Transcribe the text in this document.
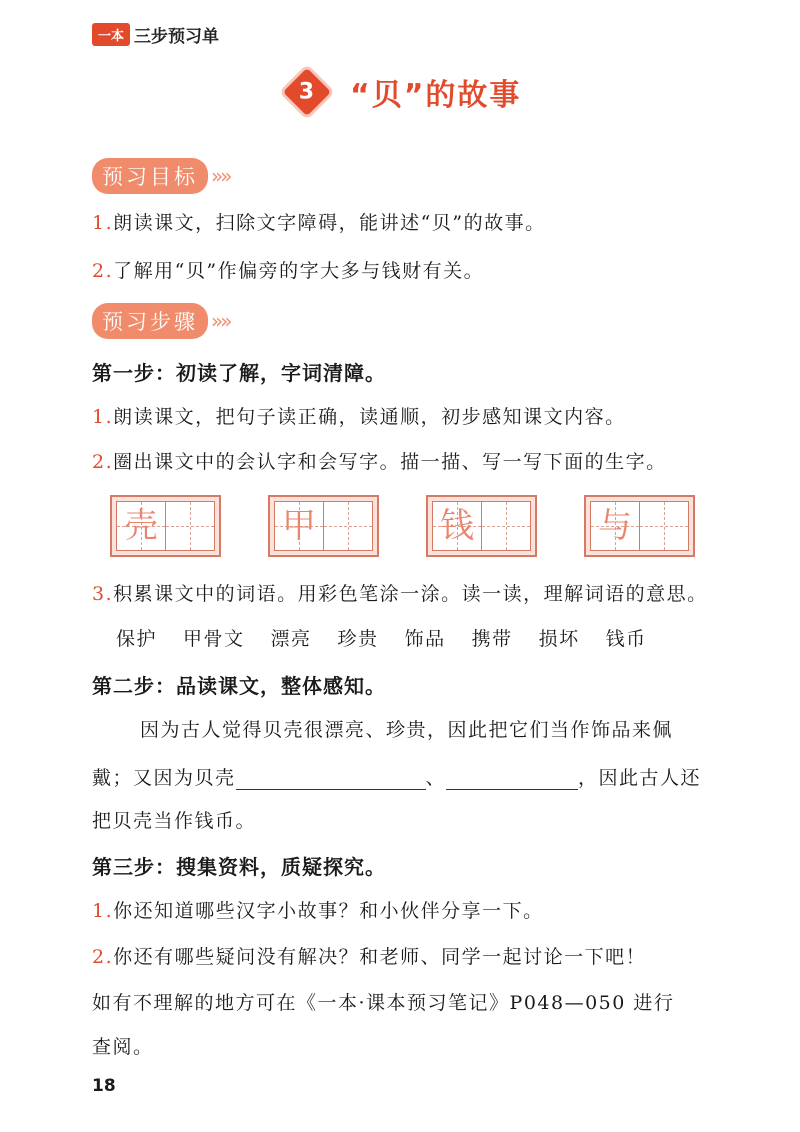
一本 三步预习单
3 “贝”的故事
预习目标 »»
1.朗读课文，扫除文字障碍，能讲述“贝”的故事。
2.了解用“贝”作偏旁的字大多与钱财有关。
预习步骤 »»
第一步：初读了解，字词清障。
1.朗读课文，把句子读正确，读通顺，初步感知课文内容。
2.圈出课文中的会认字和会写字。描一描、写一写下面的生字。
壳	甲	钱	与
3.积累课文中的词语。用彩色笔涂一涂。读一读，理解词语的意思。
保护 甲骨文 漂亮 珍贵 饰品 携带 损坏 钱币
第二步：品读课文，整体感知。
因为古人觉得贝壳很漂亮、珍贵，因此把它们当作饰品来佩
戴；又因为贝壳	、	，因此古人还
把贝壳当作钱币。
第三步：搜集资料，质疑探究。
1.你还知道哪些汉字小故事？和小伙伴分享一下。
2.你还有哪些疑问没有解决？和老师、同学一起讨论一下吧！
如有不理解的地方可在《一本·课本预习笔记》P048—050 进行
查阅。
18
